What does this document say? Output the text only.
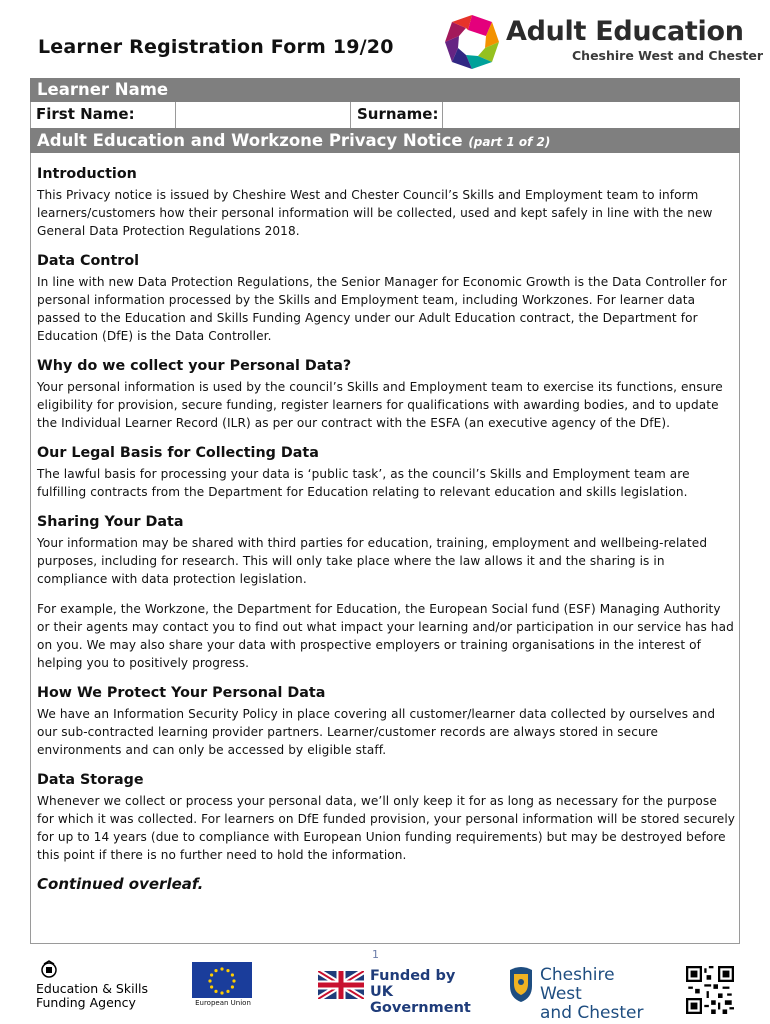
Learner Registration Form 19/20	Adult Education
Cheshire West and Chester
Learner Name
First Name:	Surname:
Adult Education and Workzone Privacy Notice (part 1 of 2)
Introduction

This Privacy notice is issued by Cheshire West and Chester Council’s Skills and Employment team to inform learners/customers how their personal information will be collected, used and kept safely in line with the new General Data Protection Regulations 2018.

Data Control

In line with new Data Protection Regulations, the Senior Manager for Economic Growth is the Data Controller for personal information processed by the Skills and Employment team, including Workzones. For learner data passed to the Education and Skills Funding Agency under our Adult Education contract, the Department for Education (DfE) is the Data Controller.

Why do we collect your Personal Data?

Your personal information is used by the council’s Skills and Employment team to exercise its functions, ensure eligibility for provision, secure funding, register learners for qualifications with awarding bodies, and to update the Individual Learner Record (ILR) as per our contract with the ESFA (an executive agency of the DfE).

Our Legal Basis for Collecting Data

The lawful basis for processing your data is ‘public task’, as the council’s Skills and Employment team are fulfilling contracts from the Department for Education relating to relevant education and skills legislation.

Sharing Your Data

Your information may be shared with third parties for education, training, employment and wellbeing-related purposes, including for research. This will only take place where the law allows it and the sharing is in compliance with data protection legislation.

For example, the Workzone, the Department for Education, the European Social fund (ESF) Managing Authority or their agents may contact you to find out what impact your learning and/or participation in our service has had on you. We may also share your data with prospective employers or training organisations in the interest of helping you to positively progress.

How We Protect Your Personal Data

We have an Information Security Policy in place covering all customer/learner data collected by ourselves and our sub-contracted learning provider partners. Learner/customer records are always stored in secure environments and can only be accessed by eligible staff.

Data Storage

Whenever we collect or process your personal data, we’ll only keep it for as long as necessary for the purpose for which it was collected. For learners on DfE funded provision, your personal information will be stored securely for up to 14 years (due to compliance with European Union funding requirements) but may be destroyed before this point if there is no further need to hold the information.

Continued overleaf.
1
Education & Skills
Funding Agency	European Union
Funded by
UK Government
Cheshire West
and Chester
